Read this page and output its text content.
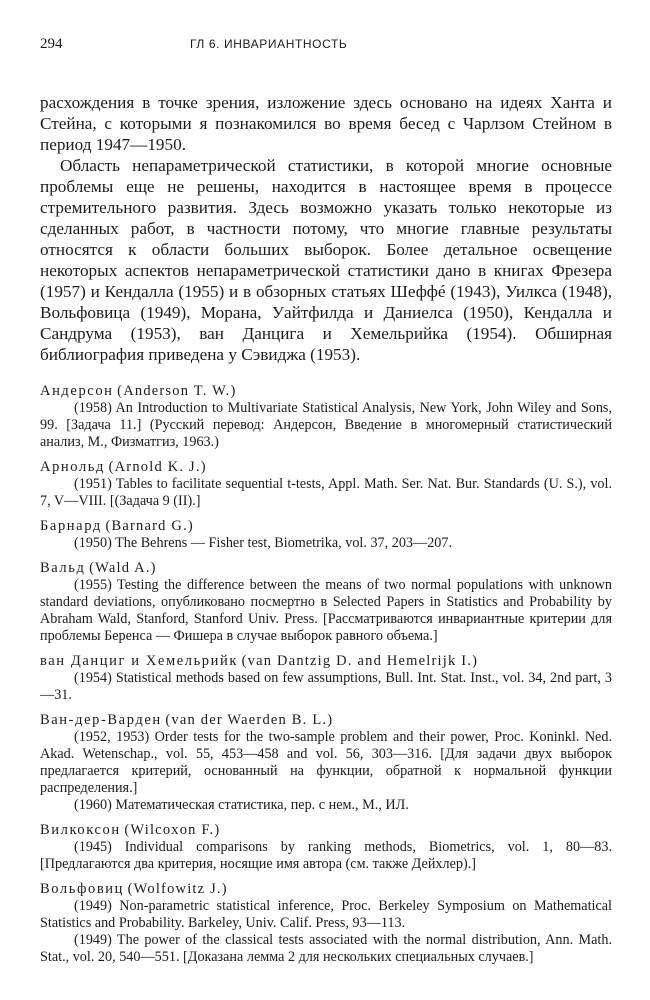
294	ГЛ 6. ИНВАРИАНТНОСТЬ

расхождения в точке зрения, изложение здесь основано на идеях Ханта и Стейна, с которыми я познакомился во время бесед с Чарлзом Стейном в период 1947—1950.

Область непараметрической статистики, в которой многие основные проблемы еще не решены, находится в настоящее время в процессе стремительного развития. Здесь возможно указать только некоторые из сделанных работ, в частности потому, что многие главные результаты относятся к области больших выборок. Более детальное освещение некоторых аспектов непараметрической статистики дано в книгах Фрезера (1957) и Кендалла (1955) и в обзорных статьях Шеффé (1943), Уилкса (1948), Вольфовица (1949), Морана, Уайтфилда и Даниелса (1950), Кендалла и Сандрума (1953), ван Данцига и Хемельрийка (1954). Обширная библиография приведена у Сэвиджа (1953).

Андерсон (Anderson T. W.)
(1958) An Introduction to Multivariate Statistical Analysis, New York, John Wiley and Sons, 99. [Задача 11.] (Русский перевод: Андерсон, Введение в многомерный статистический анализ, М., Физматгиз, 1963.)
Арнольд (Arnold K. J.)
(1951) Tables to facilitate sequential t-tests, Appl. Math. Ser. Nat. Bur. Standards (U. S.), vol. 7, V—VIII. [(Задача 9 (II).]
Барнард (Barnard G.)
(1950) The Behrens — Fisher test, Biometrika, vol. 37, 203—207.
Вальд (Wald A.)
(1955) Testing the difference between the means of two normal populations with unknown standard deviations, опубликовано посмертно в Selected Papers in Statistics and Probability by Abraham Wald, Stanford, Stanford Univ. Press. [Рассматриваются инвариантные критерии для проблемы Беренса — Фишера в случае выборок равного объема.]
ван Данциг и Хемельрийк (van Dantzig D. and Hemelrijk I.)
(1954) Statistical methods based on few assumptions, Bull. Int. Stat. Inst., vol. 34, 2nd part, 3—31.
Ван-дер-Варден (van der Waerden B. L.)
(1952, 1953) Order tests for the two-sample problem and their power, Proc. Koninkl. Ned. Akad. Wetenschap., vol. 55, 453—458 and vol. 56, 303—316. [Для задачи двух выборок предлагается критерий, основанный на функции, обратной к нормальной функции распределения.]
(1960) Математическая статистика, пер. с нем., М., ИЛ.
Вилкоксон (Wilcoxon F.)
(1945) Individual comparisons by ranking methods, Biometrics, vol. 1, 80—83. [Предлагаются два критерия, носящие имя автора (см. также Дейхлер).]
Вольфовиц (Wolfowitz J.)
(1949) Non-parametric statistical inference, Proc. Berkeley Symposium on Mathematical Statistics and Probability. Barkeley, Univ. Calif. Press, 93—113.
(1949) The power of the classical tests associated with the normal distribution, Ann. Math. Stat., vol. 20, 540—551. [Доказана лемма 2 для нескольких специальных случаев.]
